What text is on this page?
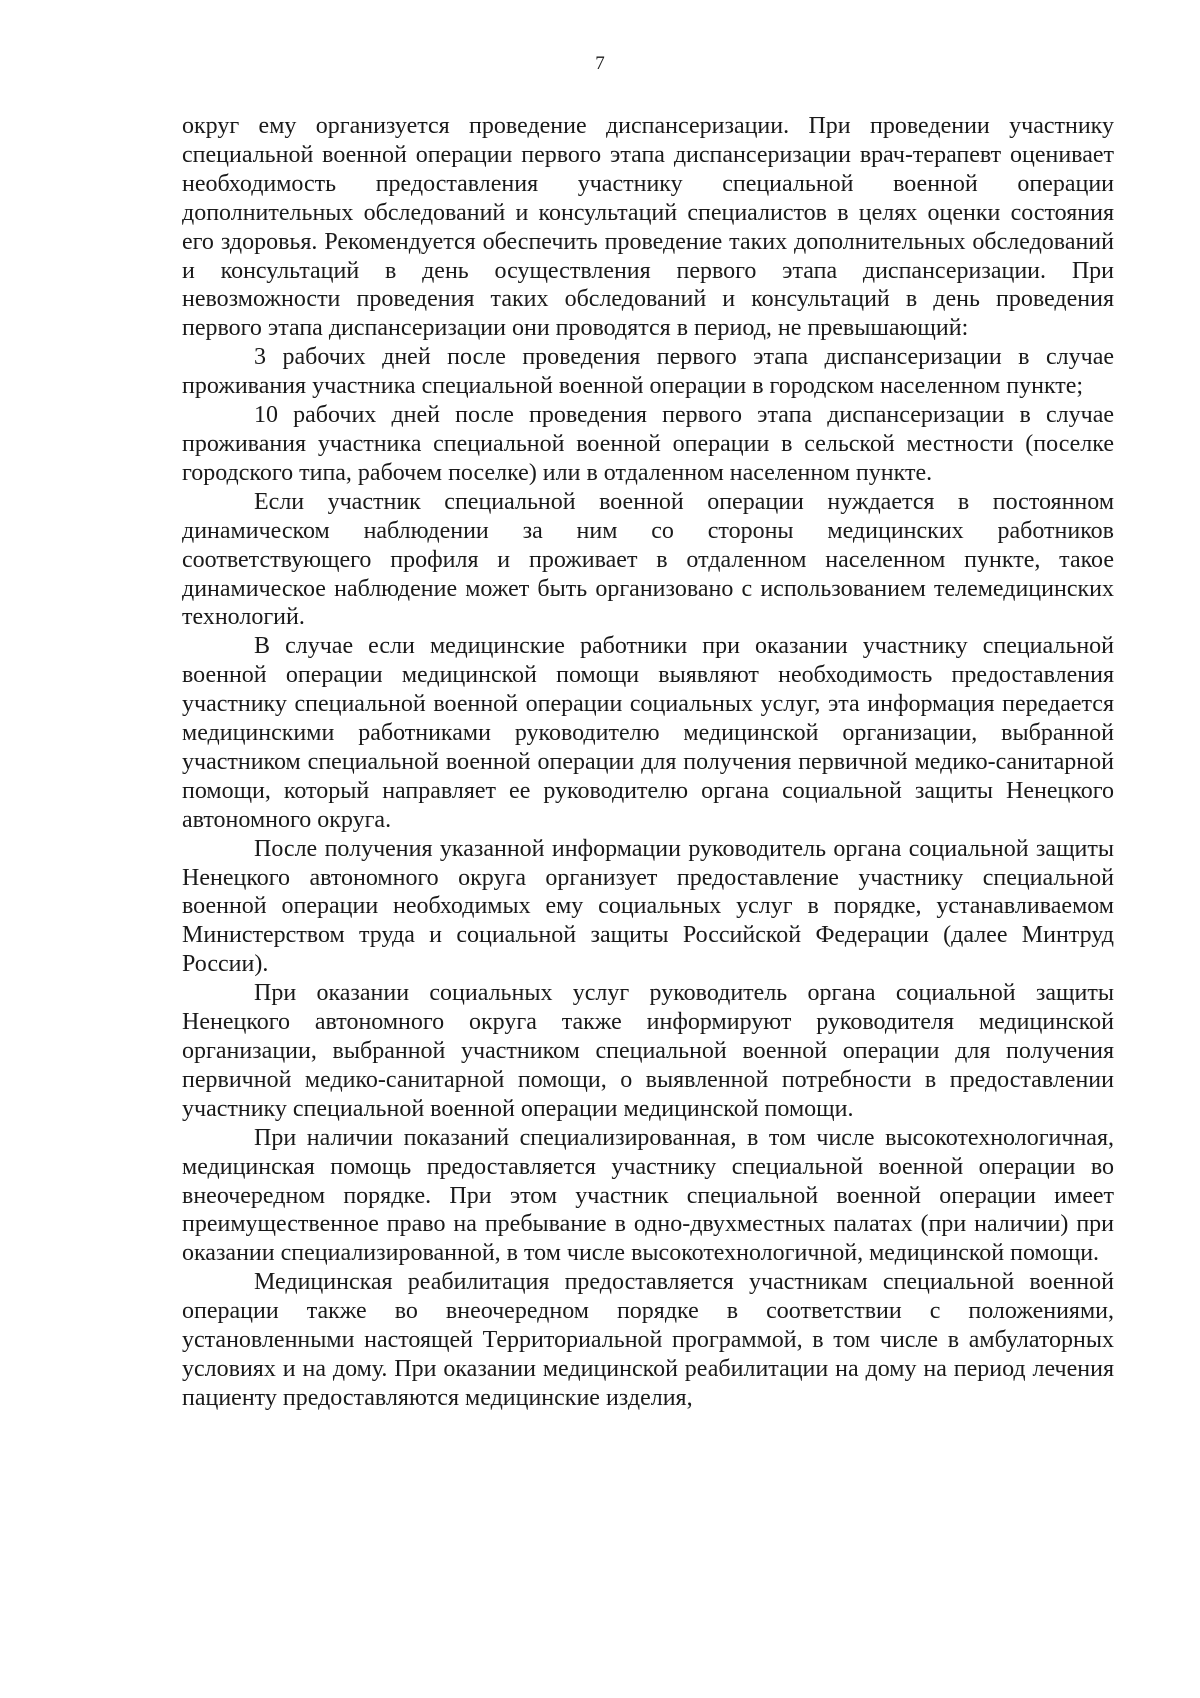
7

округ ему организуется проведение диспансеризации. При проведении участнику специальной военной операции первого этапа диспансеризации врач-терапевт оценивает необходимость предоставления участнику специальной военной операции дополнительных обследований и консультаций специалистов в целях оценки состояния его здоровья. Рекомендуется обеспечить проведение таких дополнительных обследований и консультаций в день осуществления первого этапа диспансеризации. При невозможности проведения таких обследований и консультаций в день проведения первого этапа диспансеризации они проводятся в период, не превышающий:

3 рабочих дней после проведения первого этапа диспансеризации в случае проживания участника специальной военной операции в городском населенном пункте;

10 рабочих дней после проведения первого этапа диспансеризации в случае проживания участника специальной военной операции в сельской местности (поселке городского типа, рабочем поселке) или в отдаленном населенном пункте.

Если участник специальной военной операции нуждается в постоянном динамическом наблюдении за ним со стороны медицинских работников соответствующего профиля и проживает в отдаленном населенном пункте, такое динамическое наблюдение может быть организовано с использованием телемедицинских технологий.

В случае если медицинские работники при оказании участнику специальной военной операции медицинской помощи выявляют необходимость предоставления участнику специальной военной операции социальных услуг, эта информация передается медицинскими работниками руководителю медицинской организации, выбранной участником специальной военной операции для получения первичной медико-санитарной помощи, который направляет ее руководителю органа социальной защиты Ненецкого автономного округа.

После получения указанной информации руководитель органа социальной защиты Ненецкого автономного округа организует предоставление участнику специальной военной операции необходимых ему социальных услуг в порядке, устанавливаемом Министерством труда и социальной защиты Российской Федерации (далее Минтруд России).

При оказании социальных услуг руководитель органа социальной защиты Ненецкого автономного округа также информируют руководителя медицинской организации, выбранной участником специальной военной операции для получения первичной медико-санитарной помощи, о выявленной потребности в предоставлении участнику специальной военной операции медицинской помощи.

При наличии показаний специализированная, в том числе высокотехнологичная, медицинская помощь предоставляется участнику специальной военной операции во внеочередном порядке. При этом участник специальной военной операции имеет преимущественное право на пребывание в одно-двухместных палатах (при наличии) при оказании специализированной, в том числе высокотехнологичной, медицинской помощи.

Медицинская реабилитация предоставляется участникам специальной военной операции также во внеочередном порядке в соответствии с положениями, установленными настоящей Территориальной программой, в том числе в амбулаторных условиях и на дому. При оказании медицинской реабилитации на дому на период лечения пациенту предоставляются медицинские изделия,
